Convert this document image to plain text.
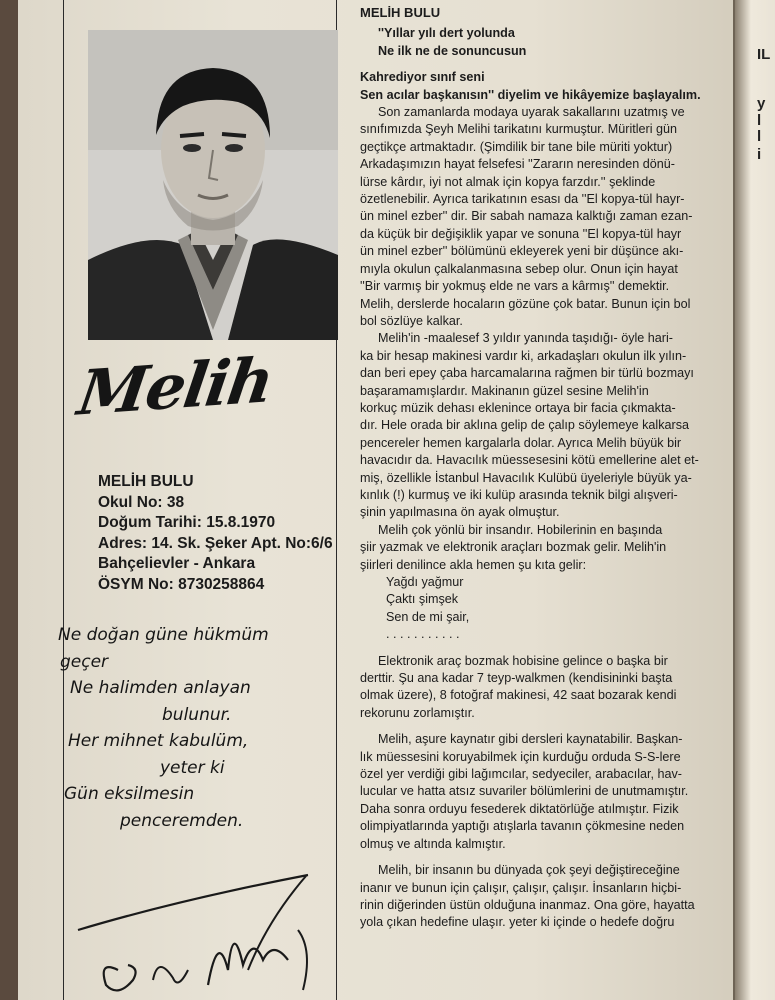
Melih
MELİH BULU
Okul No: 38
Doğum Tarihi: 15.8.1970
Adres: 14. Sk. Şeker Apt. No:6/6
Bahçelievler - Ankara
ÖSYM No: 8730258864
Ne doğan güne hükmüm
geçer
Ne halimden anlayan
bulunur.
Her mihnet kabulüm,
yeter ki
Gün eksilmesin
penceremden.
MELİH BULU
''Yıllar yılı dert yolunda
Ne ilk ne de sonuncusun
Kahrediyor sınıf seni
Sen acılar başkanısın'' diyelim ve hikâyemize başlayalım.
Son zamanlarda modaya uyarak sakallarını uzatmış ve
sınıfımızda Şeyh Melihi tarikatını kurmuştur. Müritleri gün
geçtikçe artmaktadır. (Şimdilik bir tane bile müriti yoktur)
Arkadaşımızın hayat felsefesi ''Zararın neresinden dönü-
lürse kârdır, iyi not almak için kopya farzdır.'' şeklinde
özetlenebilir. Ayrıca tarikatının esası da ''El kopya-tül hayr-
ün minel ezber'' dir. Bir sabah namaza kalktığı zaman ezan-
da küçük bir değişiklik yapar ve sonuna ''El kopya-tül hayr
ün minel ezber'' bölümünü ekleyerek yeni bir düşünce akı-
mıyla okulun çalkalanmasına sebep olur. Onun için hayat
''Bir varmış bir yokmuş elde ne vars a kârmış'' demektir.
Melih, derslerde hocaların gözüne çok batar. Bunun için bol
bol sözlüye kalkar.
Melih'in -maalesef 3 yıldır yanında taşıdığı- öyle hari-
ka bir hesap makinesi vardır ki, arkadaşları okulun ilk yılın-
dan beri epey çaba harcamalarına rağmen bir türlü bozmayı
başaramamışlardır. Makinanın güzel sesine Melih'in
korkuç müzik dehası eklenince ortaya bir facia çıkmakta-
dır. Hele orada bir aklına gelip de çalıp söylemeye kalkarsa
pencereler hemen kargalarla dolar. Ayrıca Melih büyük bir
havacıdır da. Havacılık müessesesini kötü emellerine alet et-
miş, özellikle İstanbul Havacılık Kulübü üyeleriyle büyük ya-
kınlık (!) kurmuş ve iki kulüp arasında teknik bilgi alışveri-
şinin yapılmasına ön ayak olmuştur.
Melih çok yönlü bir insandır. Hobilerinin en başında
şiir yazmak ve elektronik araçları bozmak gelir. Melih'in
şiirleri denilince akla hemen şu kıta gelir:
Yağdı yağmur
Çaktı şimşek
Sen de mi şair,
. . . . . . . . . . .
Elektronik araç bozmak hobisine gelince o başka bir
derttir. Şu ana kadar 7 teyp-walkmen (kendisininki başta
olmak üzere), 8 fotoğraf makinesi, 42 saat bozarak kendi
rekorunu zorlamıştır.
Melih, aşure kaynatır gibi dersleri kaynatabilir. Başkan-
lık müessesini koruyabilmek için kurduğu orduda S-S-lere
özel yer verdiği gibi lağımcılar, sedyeciler, arabacılar, hav-
lucular ve hatta atsız suvariler bölümlerini de unutmamıştır.
Daha sonra orduyu fesederek diktatörlüğe atılmıştır. Fizik
olimpiyatlarında yaptığı atışlarla tavanın çökmesine neden
olmuş ve altında kalmıştır.
Melih, bir insanın bu dünyada çok şeyi değiştireceğine
inanır ve bunun için çalışır, çalışır, çalışır. İnsanların hiçbi-
rinin diğerinden üstün olduğuna inanmaz. Ona göre, hayatta
yola çıkan hedefine ulaşır. yeter ki içinde o hedefe doğru
IL
y
l
l
i
